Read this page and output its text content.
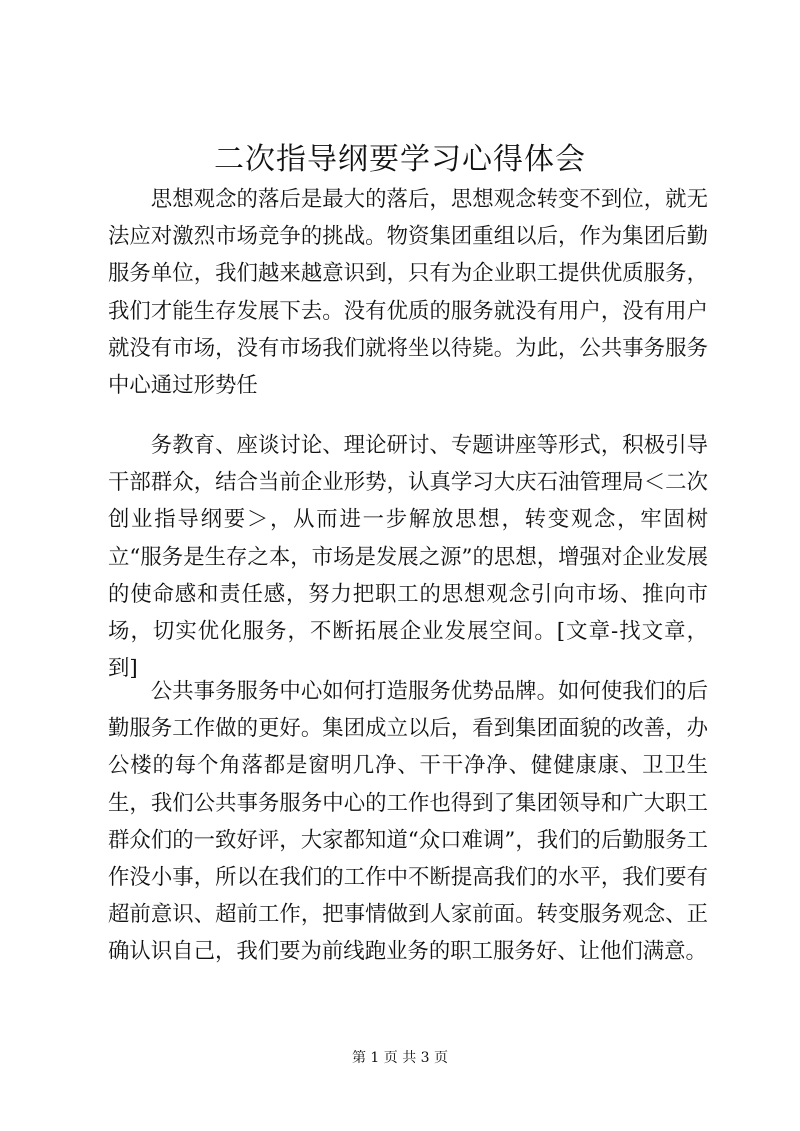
二次指导纲要学习心得体会

思想观念的落后是最大的落后，思想观念转变不到位，就无法应对激烈市场竞争的挑战。物资集团重组以后，作为集团后勤服务单位，我们越来越意识到，只有为企业职工提供优质服务，我们才能生存发展下去。没有优质的服务就没有用户，没有用户就没有市场，没有市场我们就将坐以待毙。为此，公共事务服务中心通过形势任

务教育、座谈讨论、理论研讨、专题讲座等形式，积极引导干部群众，结合当前企业形势，认真学习大庆石油管理局＜二次创业指导纲要＞，从而进一步解放思想，转变观念，牢固树立“服务是生存之本，市场是发展之源”的思想，增强对企业发展的使命感和责任感，努力把职工的思想观念引向市场、推向市场，切实优化服务，不断拓展企业发展空间。[文章-找文章，到]

公共事务服务中心如何打造服务优势品牌。如何使我们的后勤服务工作做的更好。集团成立以后，看到集团面貌的改善，办公楼的每个角落都是窗明几净、干干净净、健健康康、卫卫生生，我们公共事务服务中心的工作也得到了集团领导和广大职工群众们的一致好评，大家都知道“众口难调”，我们的后勤服务工作没小事，所以在我们的工作中不断提高我们的水平，我们要有超前意识、超前工作，把事情做到人家前面。转变服务观念、正确认识自己，我们要为前线跑业务的职工服务好、让他们满意。

第 1 页 共 3 页
